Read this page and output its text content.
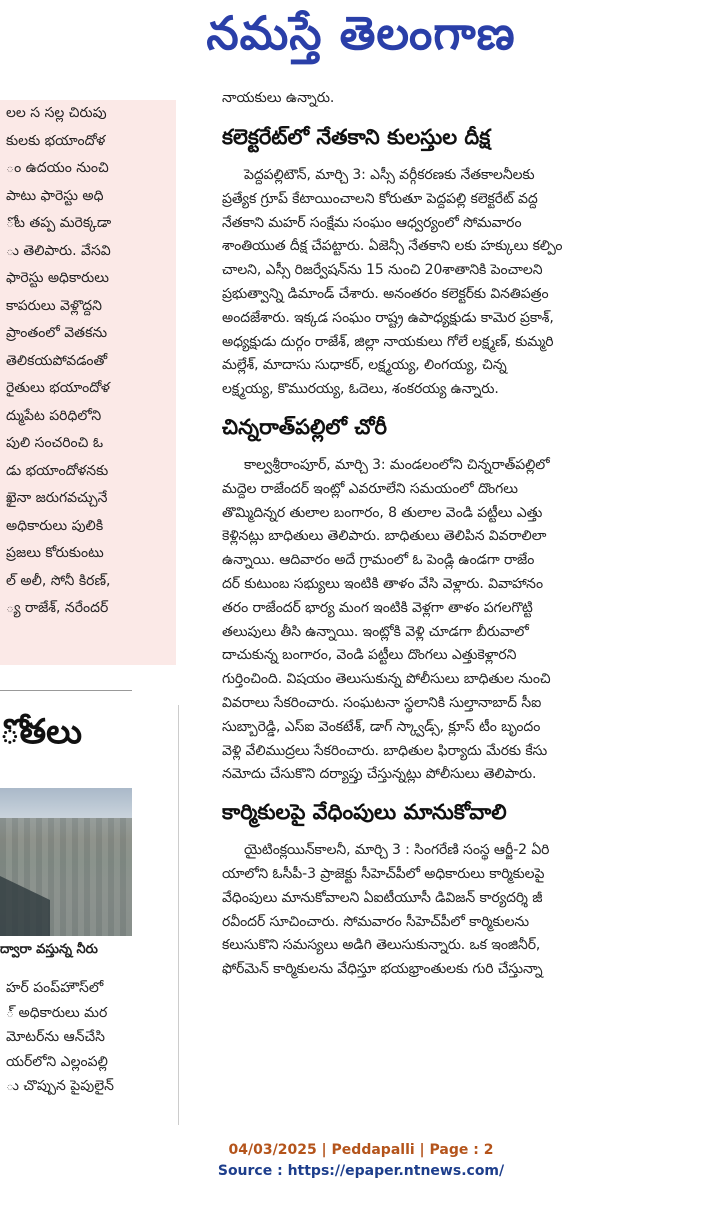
నమస్తే తెలంగాణ
లల స సల్ల చిరుపు
కులకు భయాందోళ
ం ఉదయం నుంచి
పాటు ఫారెస్టు అధి
ోట తప్ప మరెక్కడా
ు తెలిపారు. వేసవి
ఫారెస్టు అధికారులు
కాపరులు వెళ్లొద్దని
ప్రాంతంలో వెతకను
తెలికయపోవడంతో
రైతులు భయాందోళ
ద్ముపేట పరిధిలోని
పులి సంచరించి ఓ
డు భయాందోళనకు
ఖైనా జరుగవచ్చునే
అధికారులు పులికి
ప్రజలు కోరుకుంటు
ల్ అలీ, సోనీ కిరణ్,
్య రాజేశ్, నరేందర్
ోతలు
ద్వారా వస్తున్న నీరు
హర్ పంప్‌హౌస్‌లో
్ అధికారులు మర
మోటర్‌ను ఆన్‌చేసి
యర్‌లోని ఎల్లంపల్లి
ు చొప్పున పైపులైన్
నాయకులు ఉన్నారు.
కలెక్టరేట్‌లో నేతకాని కులస్తుల దీక్ష
పెద్దపల్లిటౌన్, మార్చి 3: ఎస్సీ వర్గీకరణకు నేతకాలనీలకు
ప్రత్యేక గ్రూప్ కేటాయించాలని కోరుతూ పెద్దపల్లి కలెక్టరేట్ వద్ద
నేతకాని మహర్ సంక్షేమ సంఘం ఆధ్వర్యంలో సోమవారం
శాంతియుత దీక్ష చేపట్టారు. ఏజెన్సీ నేతకాని లకు హక్కులు కల్పిం
చాలని, ఎస్సీ రిజర్వేషన్‌ను 15 నుంచి 20శాతానికి పెంచాలని
ప్రభుత్వాన్ని డిమాండ్ చేశారు. అనంతరం కలెక్టర్‌కు వినతిపత్రం
అందజేశారు. ఇక్కడ సంఘం రాష్ట్ర ఉపాధ్యక్షుడు కామెర ప్రకాశ్,
అధ్యక్షుడు దుర్గం రాజేశ్, జిల్లా నాయకులు గోలే లక్ష్మణ్, కుమ్మరి
మల్లేశ్, మాదాసు సుధాకర్, లక్ష్మయ్య, లింగయ్య, చిన్న
లక్ష్మయ్య, కొమురయ్య, ఓదెలు, శంకరయ్య ఉన్నారు.
చిన్నరాత్‌పల్లిలో చోరీ
కాల్వశ్రీరాంపూర్, మార్చి 3: మండలంలోని చిన్నరాత్‌పల్లిలో
మద్దెల రాజేందర్ ఇంట్లో ఎవరూలేని సమయంలో దొంగలు
తొమ్మిదిన్నర తులాల బంగారం, 8 తులాల వెండి పట్టీలు ఎత్తు
కెళ్లినట్లు బాధితులు తెలిపారు. బాధితులు తెలిపిన వివరాలిలా
ఉన్నాయి. ఆదివారం అదే గ్రామంలో ఓ పెండ్లి ఉండగా రాజేం
దర్ కుటుంబ సభ్యులు ఇంటికి తాళం వేసి వెళ్లారు. వివాహానం
తరం రాజేందర్ భార్య మంగ ఇంటికి వెళ్లగా తాళం పగలగొట్టి
తలుపులు తీసి ఉన్నాయి. ఇంట్లోకి వెళ్లి చూడగా బీరువాలో
దాచుకున్న బంగారం, వెండి పట్టీలు దొంగలు ఎత్తుకెళ్లారని
గుర్తించింది. విషయం తెలుసుకున్న పోలీసులు బాధితుల నుంచి
వివరాలు సేకరించారు. సంఘటనా స్థలానికి సుల్తానాబాద్ సీఐ
సుబ్బారెడ్డి, ఎస్ఐ వెంకటేశ్, డాగ్ స్క్వాడ్స్, క్లూస్ టీం బృందం
వెళ్లి వేలిముద్రలు సేకరించారు. బాధితుల ఫిర్యాదు మేరకు కేసు
నమోదు చేసుకొని దర్యాప్తు చేస్తున్నట్లు పోలీసులు తెలిపారు.
కార్మికులపై వేధింపులు మానుకోవాలి
యైటింక్లయిన్‌కాలనీ, మార్చి 3 : సింగరేణి సంస్థ ఆర్జీ-2 ఏరి
యాలోని ఓసీపీ-3 ప్రాజెక్టు సీహెచ్‌పీలో అధికారులు కార్మికులపై
వేధింపులు మానుకోవాలని ఏఐటీయూసీ డివిజన్ కార్యదర్శి జీ
రవీందర్ సూచించారు. సోమవారం సీహెచ్‌పీలో కార్మికులను
కలుసుకొని సమస్యలు అడిగి తెలుసుకున్నారు. ఒక ఇంజినీర్,
ఫోర్‌మెన్ కార్మికులను వేధిస్తూ భయభ్రాంతులకు గురి చేస్తున్నా
04/03/2025 | Peddapalli | Page : 2
Source : https://epaper.ntnews.com/
